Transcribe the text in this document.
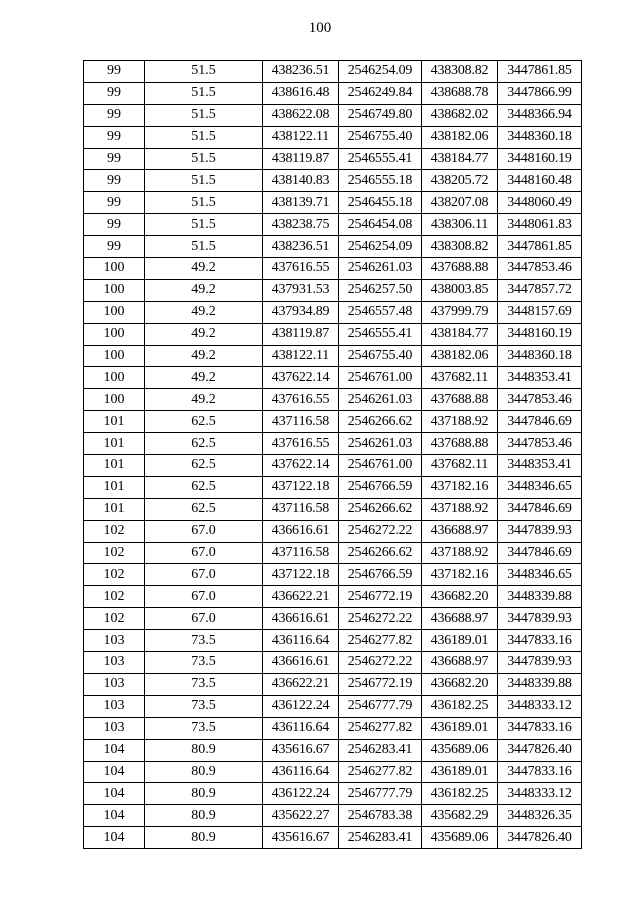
100
99	51.5	438236.51	2546254.09	438308.82	3447861.85
99	51.5	438616.48	2546249.84	438688.78	3447866.99
99	51.5	438622.08	2546749.80	438682.02	3448366.94
99	51.5	438122.11	2546755.40	438182.06	3448360.18
99	51.5	438119.87	2546555.41	438184.77	3448160.19
99	51.5	438140.83	2546555.18	438205.72	3448160.48
99	51.5	438139.71	2546455.18	438207.08	3448060.49
99	51.5	438238.75	2546454.08	438306.11	3448061.83
99	51.5	438236.51	2546254.09	438308.82	3447861.85
100	49.2	437616.55	2546261.03	437688.88	3447853.46
100	49.2	437931.53	2546257.50	438003.85	3447857.72
100	49.2	437934.89	2546557.48	437999.79	3448157.69
100	49.2	438119.87	2546555.41	438184.77	3448160.19
100	49.2	438122.11	2546755.40	438182.06	3448360.18
100	49.2	437622.14	2546761.00	437682.11	3448353.41
100	49.2	437616.55	2546261.03	437688.88	3447853.46
101	62.5	437116.58	2546266.62	437188.92	3447846.69
101	62.5	437616.55	2546261.03	437688.88	3447853.46
101	62.5	437622.14	2546761.00	437682.11	3448353.41
101	62.5	437122.18	2546766.59	437182.16	3448346.65
101	62.5	437116.58	2546266.62	437188.92	3447846.69
102	67.0	436616.61	2546272.22	436688.97	3447839.93
102	67.0	437116.58	2546266.62	437188.92	3447846.69
102	67.0	437122.18	2546766.59	437182.16	3448346.65
102	67.0	436622.21	2546772.19	436682.20	3448339.88
102	67.0	436616.61	2546272.22	436688.97	3447839.93
103	73.5	436116.64	2546277.82	436189.01	3447833.16
103	73.5	436616.61	2546272.22	436688.97	3447839.93
103	73.5	436622.21	2546772.19	436682.20	3448339.88
103	73.5	436122.24	2546777.79	436182.25	3448333.12
103	73.5	436116.64	2546277.82	436189.01	3447833.16
104	80.9	435616.67	2546283.41	435689.06	3447826.40
104	80.9	436116.64	2546277.82	436189.01	3447833.16
104	80.9	436122.24	2546777.79	436182.25	3448333.12
104	80.9	435622.27	2546783.38	435682.29	3448326.35
104	80.9	435616.67	2546283.41	435689.06	3447826.40
